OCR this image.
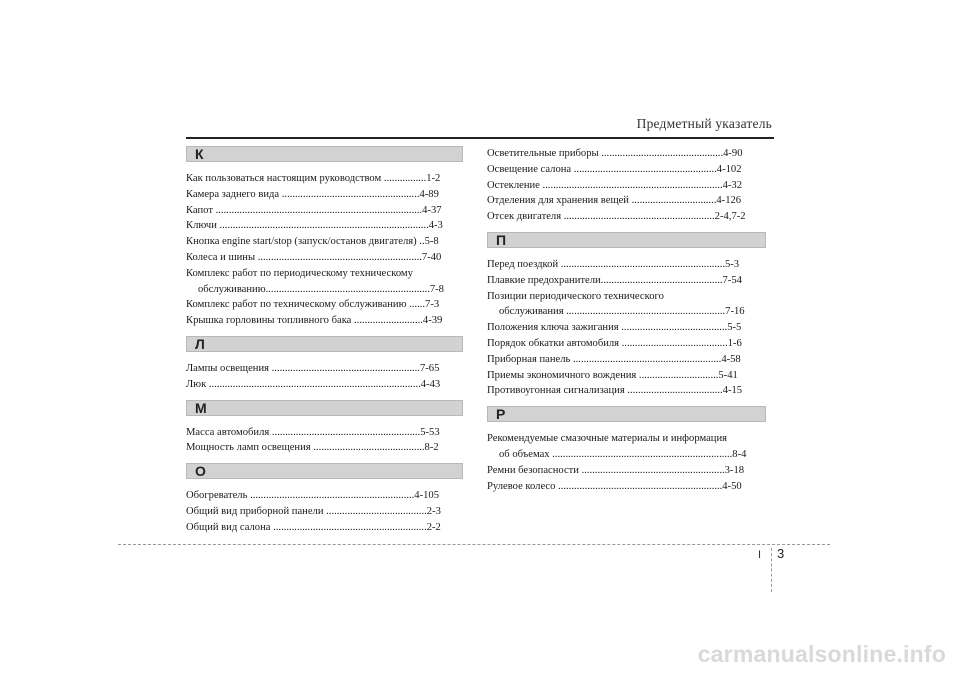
Предметный указатель
К
Как пользоваться настоящим руководством ................1-2
Камера заднего вида ....................................................4-89
Капот ..............................................................................4-37
Ключи ...............................................................................4-3
Кнопка engine start/stop (запуск/останов двигателя) ..5-8
Колеса и шины ..............................................................7-40
Комплекс работ по периодическому техническому
обслуживанию..............................................................7-8
Комплекс работ по техническому обслуживанию ......7-3
Крышка горловины топливного бака ..........................4-39
Л
Лампы освещения ........................................................7-65
Люк ................................................................................4-43
М
Масса автомобиля ........................................................5-53
Мощность ламп освещения ..........................................8-2
О
Обогреватель ..............................................................4-105
Общий вид приборной панели ......................................2-3
Общий вид салона ..........................................................2-2
Осветительные приборы ..............................................4-90
Освещение салона ......................................................4-102
Остекление ....................................................................4-32
Отделения для хранения вещей ................................4-126
Отсек двигателя .........................................................2-4,7-2
П
Перед поездкой ..............................................................5-3
Плавкие предохранители..............................................7-54
Позиции периодического технического
обслуживания ............................................................7-16
Положения ключа зажигания ........................................5-5
Порядок обкатки автомобиля ........................................1-6
Приборная панель ........................................................4-58
Приемы экономичного вождения ..............................5-41
Противоугонная сигнализация ....................................4-15
Р
Рекомендуемые смазочные материалы и информация
об объемах ....................................................................8-4
Ремни безопасности ......................................................3-18
Рулевое колесо ..............................................................4-50
I 3
carmanualsonline.info
